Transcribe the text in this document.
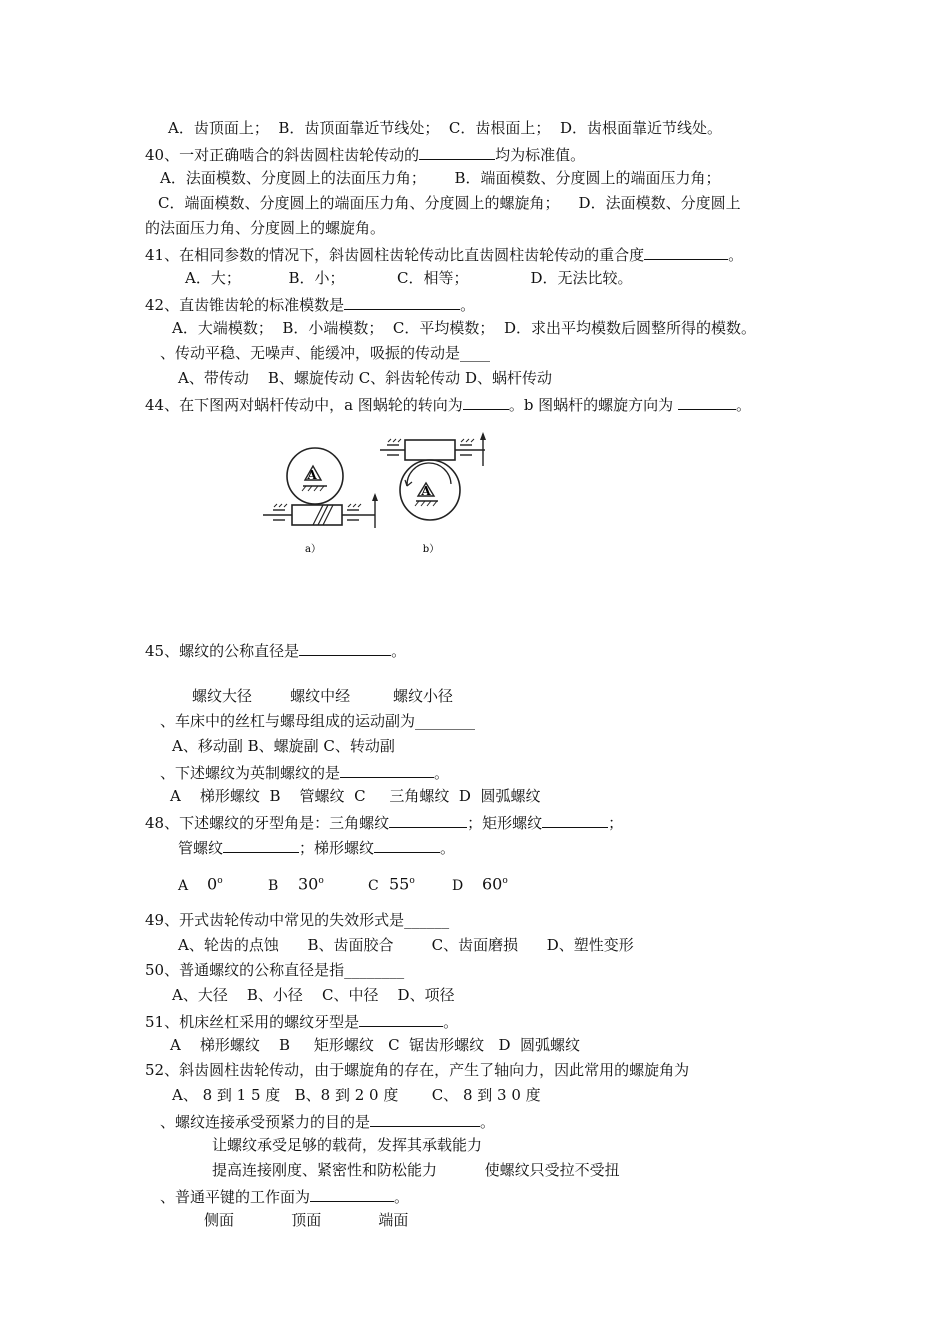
A．齿顶面上；  B．齿顶面靠近节线处；  C．齿根面上；  D．齿根面靠近节线处。
40、一对正确啮合的斜齿圆柱齿轮传动的	均为标准值。
A．法面模数、分度圆上的法面压力角；      B．端面模数、分度圆上的端面压力角；
C．端面模数、分度圆上的端面压力角、分度圆上的螺旋角；    D．法面模数、分度圆上
的法面压力角、分度圆上的螺旋角。
41、在相同参数的情况下，斜齿圆柱齿轮传动比直齿圆柱齿轮传动的重合度	。
A．大；          B．小；           C．相等；             D．无法比较。
42、直齿锥齿轮的标准模数是	。
A．大端模数；  B．小端模数；  C．平均模数；  D．求出平均模数后圆整所得的模数。
、传动平稳、无噪声、能缓冲，吸振的传动是____
A、带传动    B、螺旋传动 C、斜齿轮传动 D、蜗杆传动
44、在下图两对蜗杆传动中，a 图蜗轮的转向为	。b 图蜗杆的螺旋方向为	。
A
A
a）	b）
45、螺纹的公称直径是	。
螺纹大径        螺纹中经         螺纹小径
、车床中的丝杠与螺母组成的运动副为________
A、移动副 B、螺旋副 C、转动副
、下述螺纹为英制螺纹的是	。
A    梯形螺纹  B    管螺纹  C     三角螺纹  D  圆弧螺纹
48、下述螺纹的牙型角是：三角螺纹	；矩形螺纹	；
管螺纹	；梯形螺纹	。
A 0$^o$	B 30$^o$	C 55$^o$	D 60$^o$
49、开式齿轮传动中常见的失效形式是______
A、轮齿的点蚀      B、齿面胶合        C、齿面磨损      D、塑性变形
50、普通螺纹的公称直径是指________
A、大径    B、小径    C、中径    D、项径
51、机床丝杠采用的螺纹牙型是	。
A    梯形螺纹    B     矩形螺纹   C  锯齿形螺纹   D  圆弧螺纹
52、斜齿圆柱齿轮传动，由于螺旋角的存在，产生了轴向力，因此常用的螺旋角为
A、 8 到 1 5 度   B、8 到 2 0 度       C、 8 到 3 0 度
、螺纹连接承受预紧力的目的是	。
让螺纹承受足够的载荷，发挥其承载能力
提高连接刚度、紧密性和防松能力          使螺纹只受拉不受扭
、普通平键的工作面为	。
侧面            顶面            端面
